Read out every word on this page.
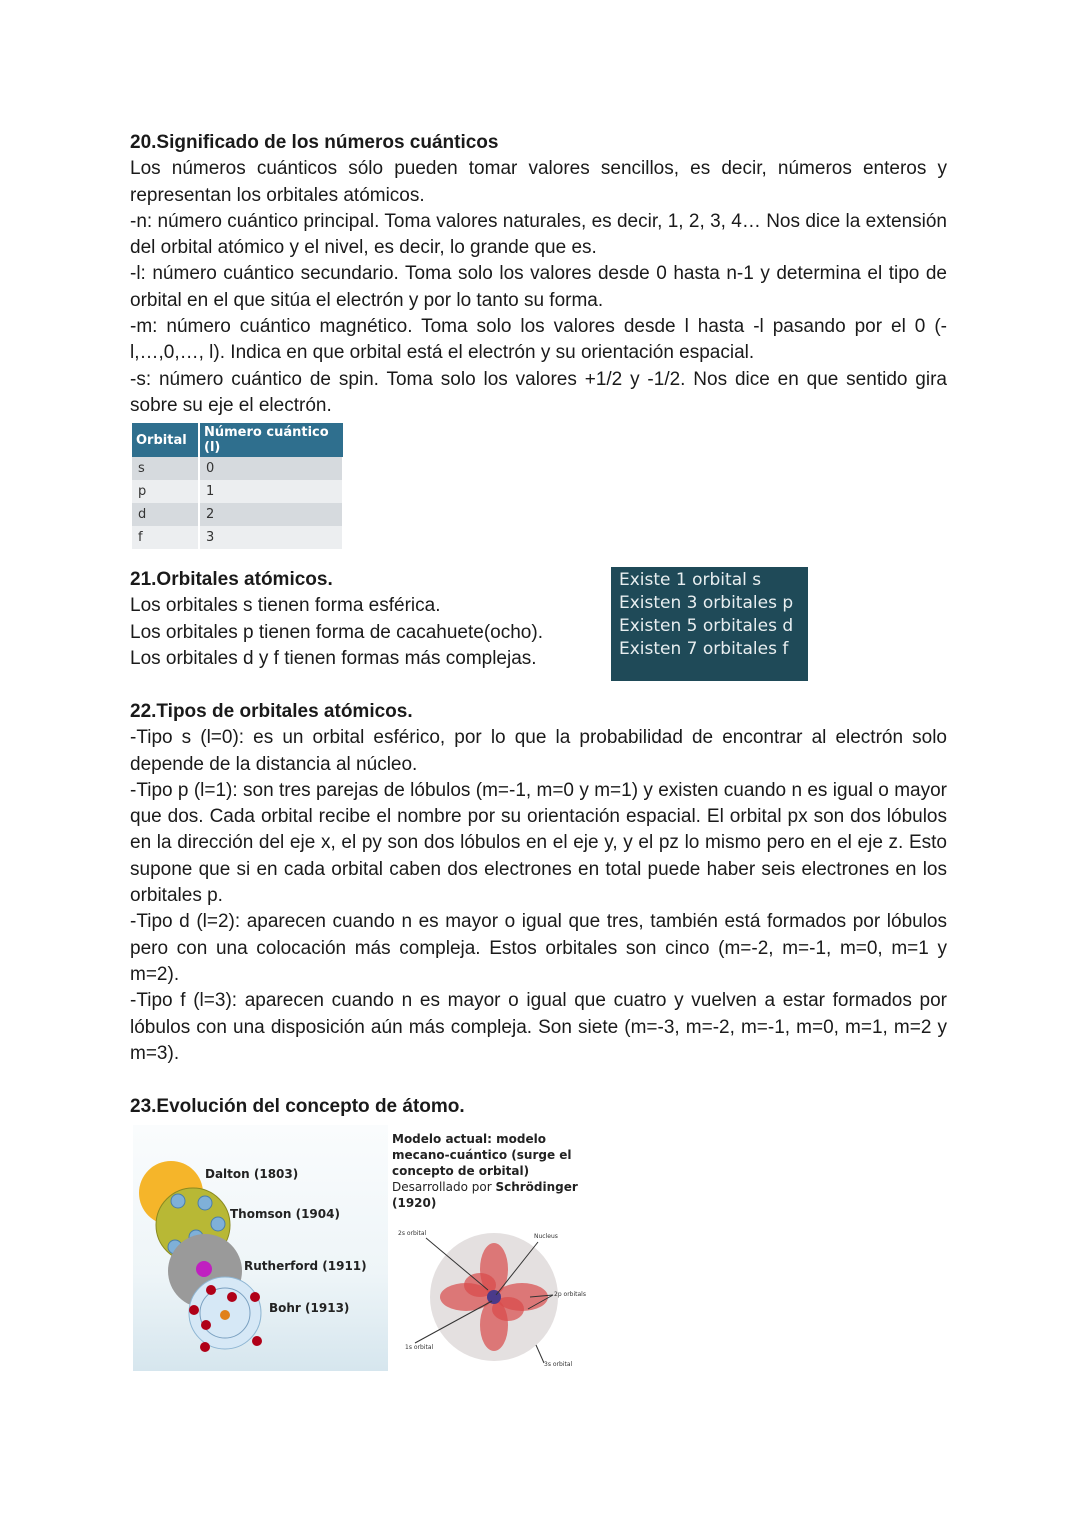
20.Significado de los números cuánticos

Los números cuánticos sólo pueden tomar valores sencillos, es decir, números enteros y representan los orbitales atómicos.

-n: número cuántico principal. Toma valores naturales, es decir, 1, 2, 3, 4… Nos dice la extensión del orbital atómico y el nivel, es decir, lo grande que es.

-l: número cuántico secundario. Toma solo los valores desde 0 hasta n-1 y determina el tipo de orbital en el que sitúa el electrón y por lo tanto su forma.

-m: número cuántico magnético. Toma solo los valores desde l hasta -l pasando por el 0 (-l,…,0,…, l). Indica en que orbital está el electrón y su orientación espacial.

-s: número cuántico de spin. Toma solo los valores +1/2 y -1/2. Nos dice en que sentido gira sobre su eje el electrón.

Orbital	Número cuántico (l)
s	0
p	1
d	2
f	3

21.Orbitales atómicos.

Los orbitales s tienen forma esférica.

Los orbitales p tienen forma de cacahuete(ocho).

Los orbitales d y f tienen formas más complejas.

Existe 1 orbital s
Existen 3 orbitales p
Existen 5 orbitales d
Existen 7 orbitales f

22.Tipos de orbitales atómicos.

-Tipo s (l=0): es un orbital esférico, por lo que la probabilidad de encontrar al electrón solo depende de la distancia al núcleo.

-Tipo p (l=1): son tres parejas de lóbulos (m=-1, m=0 y m=1) y existen cuando n es igual o mayor que dos. Cada orbital recibe el nombre por su orientación espacial. El orbital px son dos lóbulos en la dirección del eje x, el py son dos lóbulos en el eje y, y el pz lo mismo pero en el eje z. Esto supone que si en cada orbital caben dos electrones en total puede haber seis electrones en los orbitales p.

-Tipo d (l=2): aparecen cuando n es mayor o igual que tres, también está formados por lóbulos pero con una colocación más compleja. Estos orbitales son cinco (m=-2, m=-1, m=0, m=1 y m=2).

-Tipo f (l=3): aparecen cuando n es mayor o igual que cuatro y vuelven a estar formados por lóbulos con una disposición aún más compleja. Son siete (m=-3, m=-2, m=-1, m=0, m=1, m=2 y m=3).

23.Evolución del concepto de átomo.

Dalton (1803)
Thomson (1904)
Rutherford (1911)
Bohr (1913)
Modelo actual: modelo mecano-cuántico (surge el concepto de orbital)
Desarrollado por Schrödinger
(1920)
2s orbital	Nucleus
2p orbitals
1s orbital
3s orbital
